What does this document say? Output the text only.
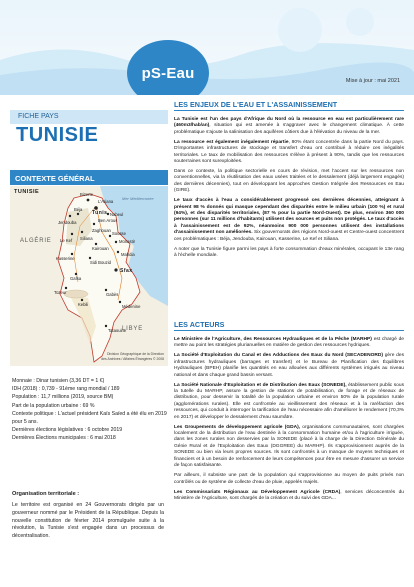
pS-Eau	Mise à jour : mai 2021
FICHE PAYS
TUNISIE
CONTEXTE GÉNÉRAL
TUNISIE
Mer Méditerranée
ALGÉRIE
LIBYE
Bizerte
L'Ariana
Tunis
Ben Arous
Nabeul
Béja
Jendouba
Zaghouan
Le Kef Siliana
Sousse
Monastir
Kairouan
Mahdia
Kasserine
Sidi Bouzid
Sfax
Gafsa
Tozeur	Gabès
Médenine
Kebili
Tataouine
Division Géographique de la Direction
des Archives / Affaires Étrangères © 2008

Monnaie : Dinar tunisien (3,36 DT = 1 €)

IDH (2018) : 0,739 - 91ème rang mondial / 189

Population : 11,7 millions (2019, source BM)

Part de la population urbaine : 69 %

Contexte politique : L'actuel président Kaïs Saïed a été élu en 2019 pour 5 ans.

Dernières élections législatives : 6 octobre 2019

Dernières Élections municipales : 6 mai 2018

Organisation territoriale :
Le territoire est organisé en 24 Gouvernorats dirigés par un gouverneur nommé par le Président de la République. Depuis la nouvelle constitution de février 2014 promulguée suite à la révolution, la Tunisie s'est engagée dans un processus de décentralisation.
LES ENJEUX DE L'EAU ET L'ASSAINISSEMENT

La Tunisie est l'un des pays d'Afrique du Nord où la ressource en eau est particulièrement rare (460m3/hab/an), situation qui est amenée à s'aggraver avec le changement climatique. À cette problématique s'ajoute la salinisation des aquifères côtiers due à l'élévation du niveau de la mer.

La ressource est également inégalement répartie, 80% étant concentrée dans la partie Nord du pays. D'importantes infrastructures de stockage et transfert d'eau ont contribué à réduire ces inégalités territoriales. Le taux de mobilisation des ressources s'élève à présent à 90%, tandis que les ressources souterraines sont surexploitées.

Dans ce contexte, la politique sectorielle en cours de révision, met l'accent sur les ressources non conventionnelles, via la réutilisation des eaux usées traitées et le dessalement (déjà largement engagés) des dernières décennies), tout en développant les approches Gestion Intégrée des Ressources en Eau (GIRE).

Le taux d'accès à l'eau a considérablement progressé ces dernières décennies, atteignant à présent 98 % donnés qui masque cependant des disparités entre le milieu urbain (100 %) et rural (94%), et des disparités territoriales, (87 % pour la partie Nord-Ouest). De plus, environ 360 000 personnes (sur 11 millions d'habitants) utilisent des sources et puits non protégés. Le taux d'accès à l'assainissement est de 92%, néanmoins 900 000 personnes utilisent des installations d'assainissement non améliorées. Six gouvernorats des régions Nord-ouest et Centre-ouest concentrent ces problématiques : Béja, Jendouba, Kairouan, Kasserine, Le Kef et Siliana.

A noter que la Tunisie figure parmi les pays à forte consommation d'eaux minérales, occupant le 13e rang à l'échelle mondiale.

LES ACTEURS

Le Ministère de l'Agriculture, des Ressources Hydrauliques et de la Pêche (MARHP) est chargé de mettre au point les stratégies plurianuelles en matière de gestion des ressources hydriques.

La Société d'Exploitation du Canal et des Adductions des Eaux du Nord (SECADENORD) gère des infrastructures hydrauliques (barrages et transfert) et le Bureau de Planification des Équilibres Hydrauliques (BPEH) planifie les quantités en eau allouées aux différents systèmes irrigués au niveau national et dans chaque grand bassin versant.

La Société Nationale d'Exploitation et de Distribution des Eaux (SONEDE), établissement public sous la tutelle du MARHP, assure la gestion de stations de potabilisation, de forage et de réseaux de distribution, pour desservir la totalité de la population urbaine et environ 50% de la population rurale (agglomérations rurales). Elle est confrontée au vieillissement des réseaux et à la raréfaction des ressources, qui conduit à interroger la tarification de l'eau nécessaire afin d'améliorer le rendement (70,3% en 2017) et développer le dessalement d'eau saumâtre.

Les Groupements de développement agricole (GDA), organisations communautaires, sont chargées localement de la distribution de l'eau destinée à la consommation humaine et/ou à l'agriculture irriguée, dans les zones rurales non desservies par la SONEDE (placé à la charge de la Direction Générale du Génie Rural et de l'Exploitation des Eaux (DGGREE) du MARHP). Ils s'approvisionnent auprès de la SONEDE ou bien via leurs propres sources. Ils sont confrontés à un manque de moyens techniques et financiers et à un besoin de renforcement de leurs compétences pour être en mesure d'assurer un service de façon satisfaisante.

Par ailleurs, il subsiste une part de la population qui s'approvisionne au moyen de puits privés non contrôlés ou de système de collecte d'eau de pluie, appelés majels.

Les Commissariats Régionaux au Développement Agricole (CRDA), services déconcentrés du Ministère de l'Agriculture, sont chargés de la création et du suivi des GDA...
